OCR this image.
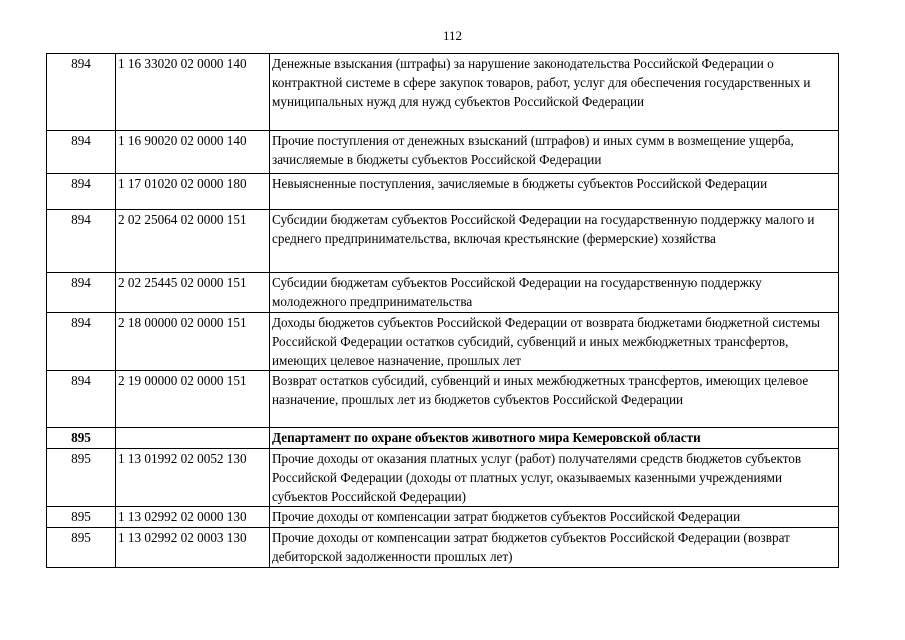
112
894	1 16 33020 02 0000 140	Денежные взыскания (штрафы) за нарушение законодательства Российской Федерации о контрактной системе в сфере закупок товаров, работ, услуг для обеспечения государственных и муниципальных нужд для нужд субъектов Российской Федерации
894	1 16 90020 02 0000 140	Прочие поступления от денежных взысканий (штрафов) и иных сумм в возмещение ущерба, зачисляемые в бюджеты субъектов Российской Федерации
894	1 17 01020 02 0000 180	Невыясненные поступления, зачисляемые в бюджеты субъектов Российской Федерации
894	2 02 25064 02 0000 151	Субсидии бюджетам субъектов Российской Федерации на государственную поддержку малого и среднего предпринимательства, включая крестьянские (фермерские) хозяйства
894	2 02 25445 02 0000 151	Субсидии бюджетам субъектов Российской Федерации на государственную поддержку молодежного предпринимательства
894	2 18 00000 02 0000 151	Доходы бюджетов субъектов Российской Федерации от возврата бюджетами бюджетной системы Российской Федерации остатков субсидий, субвенций и иных межбюджетных трансфертов, имеющих целевое назначение, прошлых лет
894	2 19 00000 02 0000 151	Возврат остатков субсидий, субвенций и иных межбюджетных трансфертов, имеющих целевое назначение, прошлых лет из бюджетов субъектов Российской Федерации
895		Департамент по охране объектов животного мира Кемеровской области
895	1 13 01992 02 0052 130	Прочие доходы от оказания платных услуг (работ) получателями средств бюджетов субъектов Российской Федерации (доходы от платных услуг, оказываемых казенными учреждениями субъектов Российской Федерации)
895	1 13 02992 02 0000 130	Прочие доходы от компенсации затрат бюджетов субъектов Российской Федерации
895	1 13 02992 02 0003 130	Прочие доходы от компенсации затрат бюджетов субъектов Российской Федерации (возврат дебиторской задолженности прошлых лет)
